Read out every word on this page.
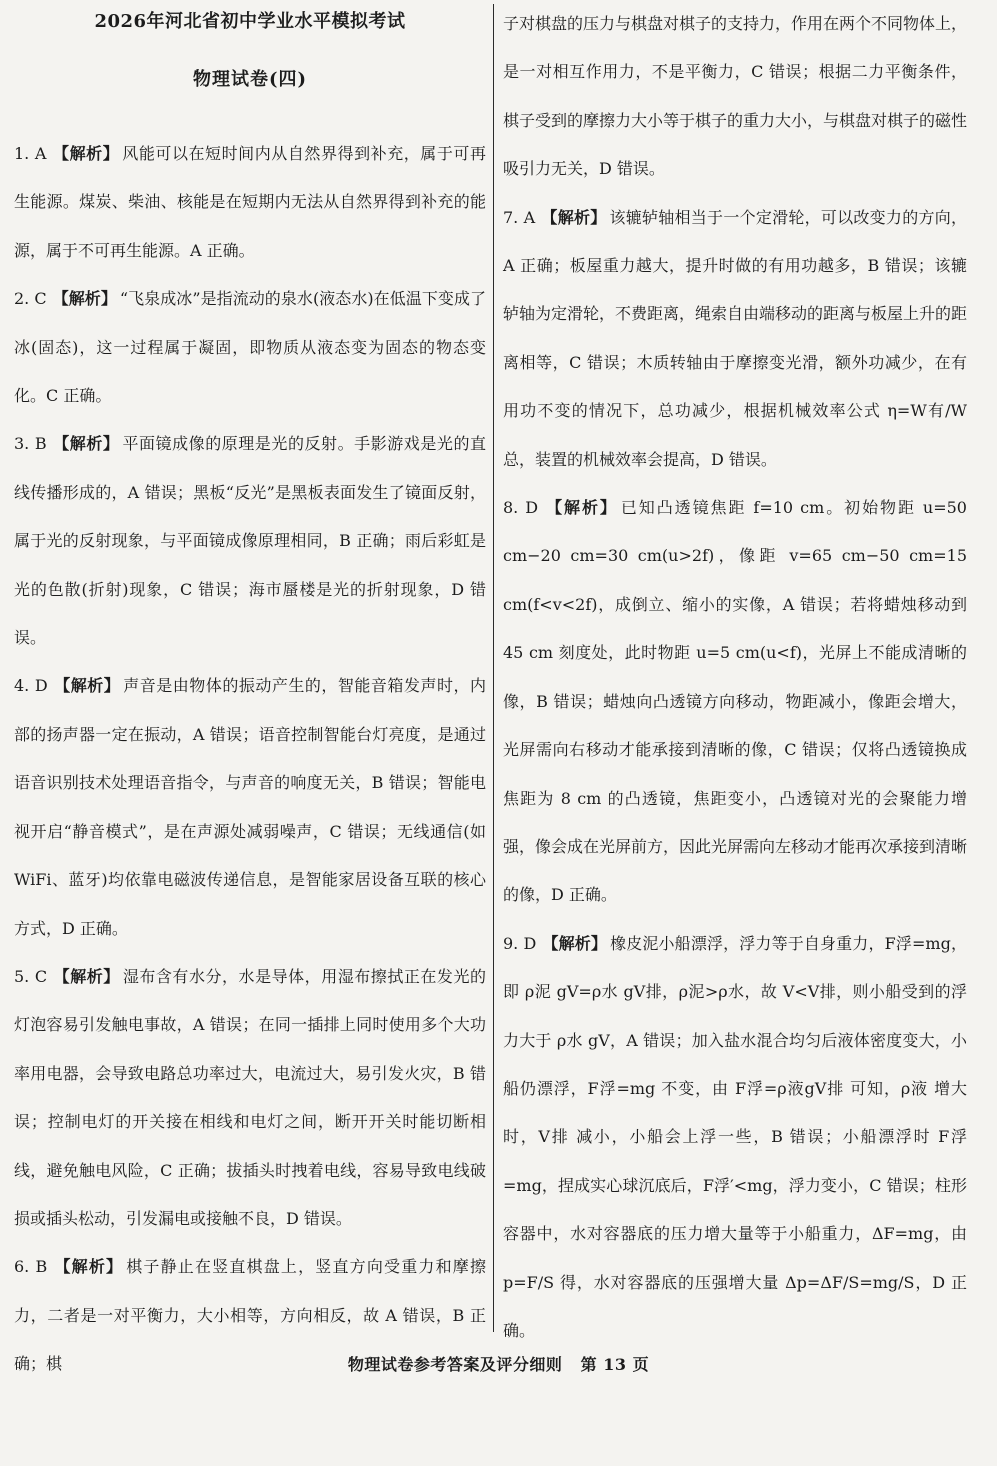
2026年河北省初中学业水平模拟考试
物理试卷(四)
1. A 【解析】 风能可以在短时间内从自然界得到补充，属于可再生能源。煤炭、柴油、核能是在短期内无法从自然界得到补充的能源，属于不可再生能源。A 正确。
2. C 【解析】 “飞泉成冰”是指流动的泉水(液态水)在低温下变成了冰(固态)，这一过程属于凝固，即物质从液态变为固态的物态变化。C 正确。
3. B 【解析】 平面镜成像的原理是光的反射。手影游戏是光的直线传播形成的，A 错误；黑板“反光”是黑板表面发生了镜面反射，属于光的反射现象，与平面镜成像原理相同，B 正确；雨后彩虹是光的色散(折射)现象，C 错误；海市蜃楼是光的折射现象，D 错误。
4. D 【解析】 声音是由物体的振动产生的，智能音箱发声时，内部的扬声器一定在振动，A 错误；语音控制智能台灯亮度，是通过语音识别技术处理语音指令，与声音的响度无关，B 错误；智能电视开启“静音模式”，是在声源处减弱噪声，C 错误；无线通信(如 WiFi、蓝牙)均依靠电磁波传递信息，是智能家居设备互联的核心方式，D 正确。
5. C 【解析】 湿布含有水分，水是导体，用湿布擦拭正在发光的灯泡容易引发触电事故，A 错误；在同一插排上同时使用多个大功率用电器，会导致电路总功率过大，电流过大，易引发火灾，B 错误；控制电灯的开关接在相线和电灯之间，断开开关时能切断相线，避免触电风险，C 正确；拔插头时拽着电线，容易导致电线破损或插头松动，引发漏电或接触不良，D 错误。
6. B 【解析】 棋子静止在竖直棋盘上，竖直方向受重力和摩擦力，二者是一对平衡力，大小相等，方向相反，故 A 错误，B 正确；棋
子对棋盘的压力与棋盘对棋子的支持力，作用在两个不同物体上，是一对相互作用力，不是平衡力，C 错误；根据二力平衡条件，棋子受到的摩擦力大小等于棋子的重力大小，与棋盘对棋子的磁性吸引力无关，D 错误。
7. A 【解析】 该辘轳轴相当于一个定滑轮，可以改变力的方向，A 正确；板屋重力越大，提升时做的有用功越多，B 错误；该辘轳轴为定滑轮，不费距离，绳索自由端移动的距离与板屋上升的距离相等，C 错误；木质转轴由于摩擦变光滑，额外功减少，在有用功不变的情况下，总功减少，根据机械效率公式 η=W有/W总，装置的机械效率会提高，D 错误。
8. D 【解析】 已知凸透镜焦距 f=10 cm。初始物距 u=50 cm−20 cm=30 cm(u>2f)，像距 v=65 cm−50 cm=15 cm(f<v<2f)，成倒立、缩小的实像，A 错误；若将蜡烛移动到 45 cm 刻度处，此时物距 u=5 cm(u<f)，光屏上不能成清晰的像，B 错误；蜡烛向凸透镜方向移动，物距减小，像距会增大，光屏需向右移动才能承接到清晰的像，C 错误；仅将凸透镜换成焦距为 8 cm 的凸透镜，焦距变小，凸透镜对光的会聚能力增强，像会成在光屏前方，因此光屏需向左移动才能再次承接到清晰的像，D 正确。
9. D 【解析】 橡皮泥小船漂浮，浮力等于自身重力，F浮=mg，即 ρ泥 gV=ρ水 gV排，ρ泥>ρ水，故 V<V排，则小船受到的浮力大于 ρ水 gV，A 错误；加入盐水混合均匀后液体密度变大，小船仍漂浮，F浮=mg 不变，由 F浮=ρ液gV排 可知，ρ液 增大时，V排 减小，小船会上浮一些，B 错误；小船漂浮时 F浮=mg，捏成实心球沉底后，F浮′<mg，浮力变小，C 错误；柱形容器中，水对容器底的压力增大量等于小船重力，ΔF=mg，由 p=F/S 得，水对容器底的压强增大量 Δp=ΔF/S=mg/S，D 正确。
物理试卷参考答案及评分细则 第 13 页
